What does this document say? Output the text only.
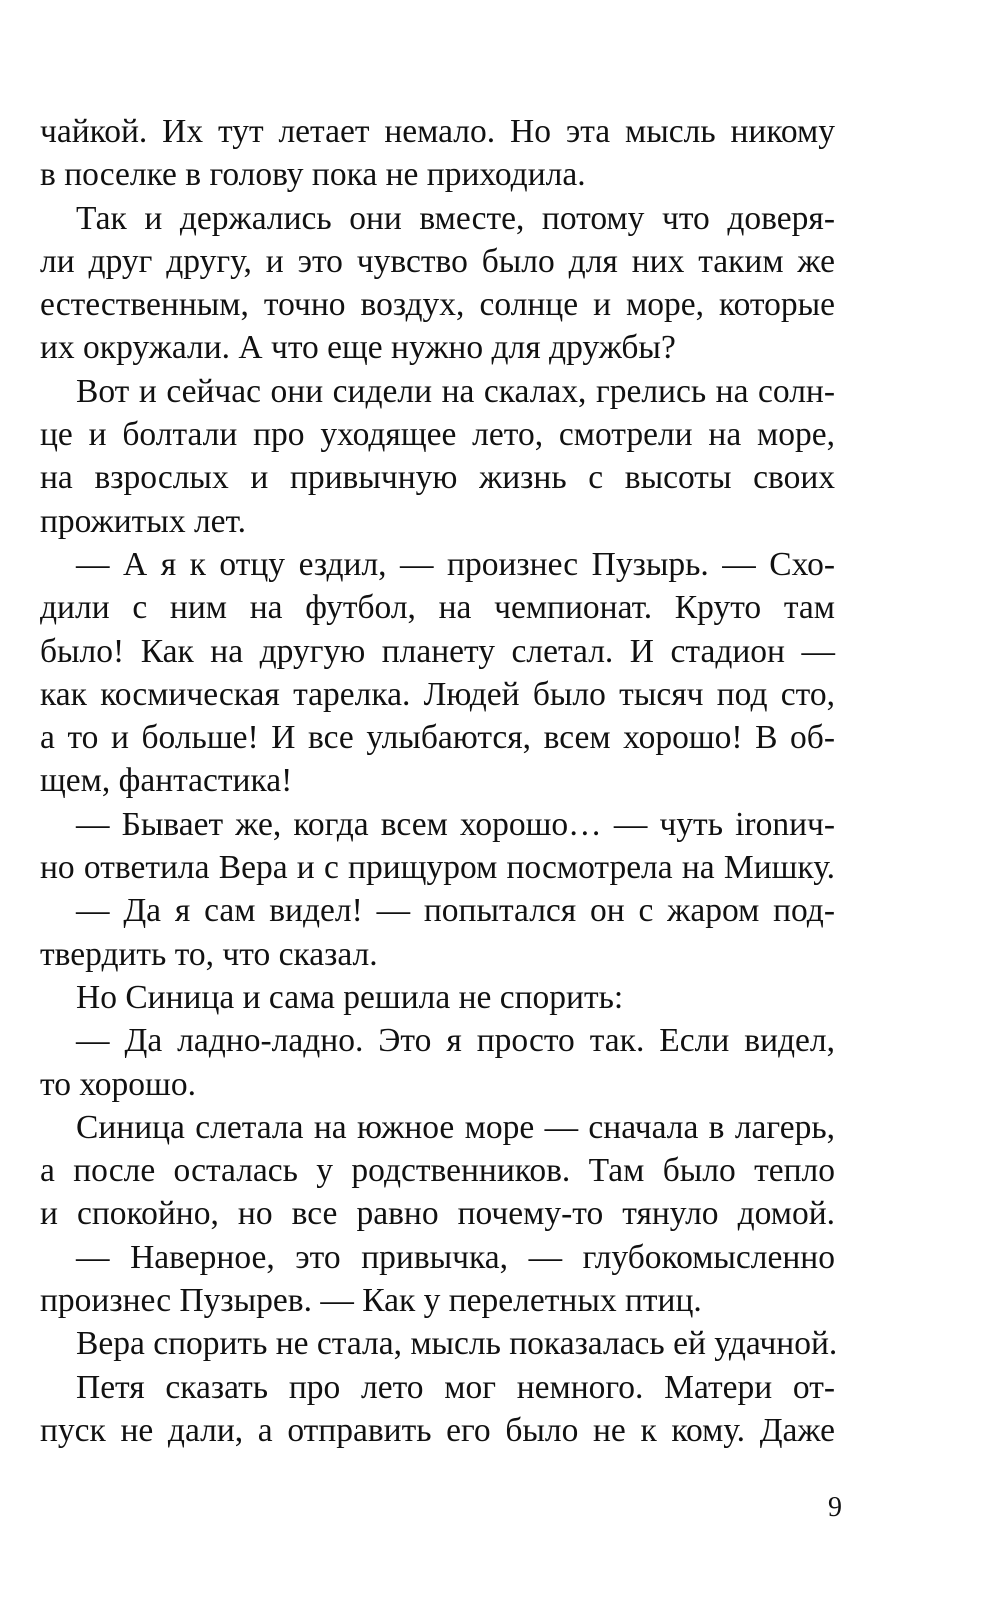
чайкой. Их тут летает немало. Но эта мысль никому
в поселке в голову пока не приходила.
Так и держались они вместе, потому что доверя-
ли друг другу, и это чувство было для них таким же
естественным, точно воздух, солнце и море, которые
их окружали. А что еще нужно для дружбы?
Вот и сейчас они сидели на скалах, грелись на солн-
це и болтали про уходящее лето, смотрели на море,
на взрослых и привычную жизнь с высоты своих
прожитых лет.
— А я к отцу ездил, — произнес Пузырь. — Схо-
дили с ним на футбол, на чемпионат. Круто там
было! Как на другую планету слетал. И стадион —
как космическая тарелка. Людей было тысяч под сто,
а то и больше! И все улыбаются, всем хорошо! В об-
щем, фантастика!
— Бывает же, когда всем хорошо… — чуть ironич-
но ответила Вера и с прищуром посмотрела на Мишку.
— Да я сам видел! — попытался он с жаром под-
твердить то, что сказал.
Но Синица и сама решила не спорить:
— Да ладно-ладно. Это я просто так. Если видел,
то хорошо.
Синица слетала на южное море — сначала в лагерь,
а после осталась у родственников. Там было тепло
и спокойно, но все равно почему-то тянуло домой.
— Наверное, это привычка, — глубокомысленно
произнес Пузырев. — Как у перелетных птиц.
Вера спорить не стала, мысль показалась ей удачной.
Петя сказать про лето мог немного. Матери от-
пуск не дали, а отправить его было не к кому. Даже
9
